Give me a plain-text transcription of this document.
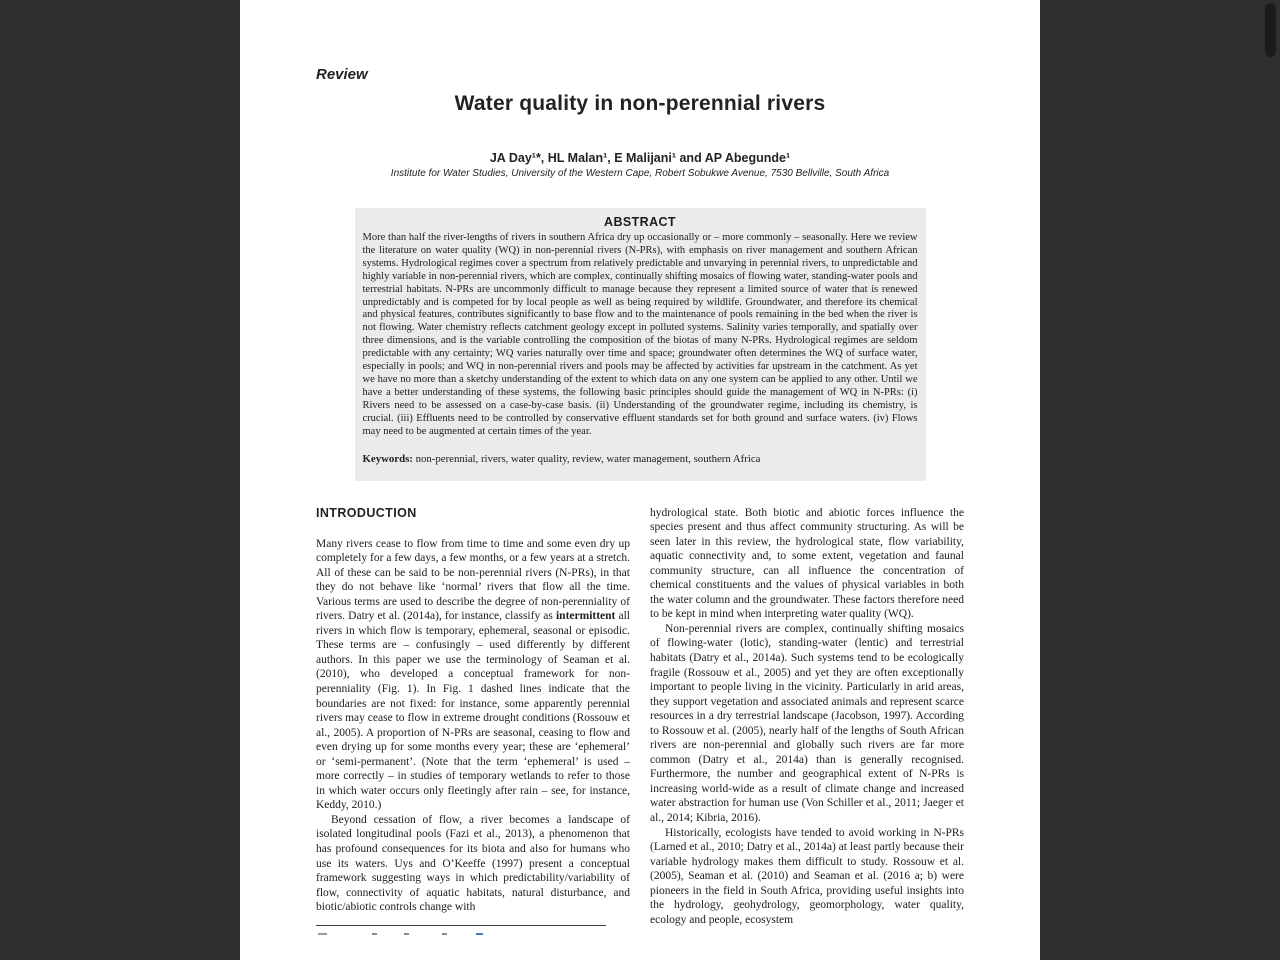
Review
Water quality in non-perennial rivers
JA Day¹*, HL Malan¹, E Malijani¹ and AP Abegunde¹
Institute for Water Studies, University of the Western Cape, Robert Sobukwe Avenue, 7530 Bellville, South Africa
ABSTRACT

More than half the river-lengths of rivers in southern Africa dry up occasionally or – more commonly – seasonally. Here we review the literature on water quality (WQ) in non-perennial rivers (N-PRs), with emphasis on river management and southern African systems. Hydrological regimes cover a spectrum from relatively predictable and unvarying in perennial rivers, to unpredictable and highly variable in non-perennial rivers, which are complex, continually shifting mosaics of flowing water, standing-water pools and terrestrial habitats. N-PRs are uncommonly difficult to manage because they represent a limited source of water that is renewed unpredictably and is competed for by local people as well as being required by wildlife. Groundwater, and therefore its chemical and physical features, contributes significantly to base flow and to the maintenance of pools remaining in the bed when the river is not flowing. Water chemistry reflects catchment geology except in polluted systems. Salinity varies temporally, and spatially over three dimensions, and is the variable controlling the composition of the biotas of many N-PRs. Hydrological regimes are seldom predictable with any certainty; WQ varies naturally over time and space; groundwater often determines the WQ of surface water, especially in pools; and WQ in non-perennial rivers and pools may be affected by activities far upstream in the catchment. As yet we have no more than a sketchy understanding of the extent to which data on any one system can be applied to any other. Until we have a better understanding of these systems, the following basic principles should guide the management of WQ in N-PRs: (i) Rivers need to be assessed on a case-by-case basis. (ii) Understanding of the groundwater regime, including its chemistry, is crucial. (iii) Effluents need to be controlled by conservative effluent standards set for both ground and surface waters. (iv) Flows may need to be augmented at certain times of the year.

Keywords: non-perennial, rivers, water quality, review, water management, southern Africa

INTRODUCTION

Many rivers cease to flow from time to time and some even dry up completely for a few days, a few months, or a few years at a stretch. All of these can be said to be non-perennial rivers (N-PRs), in that they do not behave like ‘normal’ rivers that flow all the time. Various terms are used to describe the degree of non-perenniality of rivers. Datry et al. (2014a), for instance, classify as intermittent all rivers in which flow is temporary, ephemeral, seasonal or episodic. These terms are – confusingly – used differently by different authors. In this paper we use the terminology of Seaman et al. (2010), who developed a conceptual framework for non-perenniality (Fig. 1). In Fig. 1 dashed lines indicate that the boundaries are not fixed: for instance, some apparently perennial rivers may cease to flow in extreme drought conditions (Rossouw et al., 2005). A proportion of N-PRs are seasonal, ceasing to flow and even drying up for some months every year; these are ‘ephemeral’ or ‘semi-permanent’. (Note that the term ‘ephemeral’ is used – more correctly – in studies of temporary wetlands to refer to those in which water occurs only fleetingly after rain – see, for instance, Keddy, 2010.)

Beyond cessation of flow, a river becomes a landscape of isolated longitudinal pools (Fazi et al., 2013), a phenomenon that has profound consequences for its biota and also for humans who use its waters. Uys and O’Keeffe (1997) present a conceptual framework suggesting ways in which predictability/variability of flow, connectivity of aquatic habitats, natural disturbance, and biotic/abiotic controls change with

hydrological state. Both biotic and abiotic forces influence the species present and thus affect community structuring. As will be seen later in this review, the hydrological state, flow variability, aquatic connectivity and, to some extent, vegetation and faunal community structure, can all influence the concentration of chemical constituents and the values of physical variables in both the water column and the groundwater. These factors therefore need to be kept in mind when interpreting water quality (WQ).

Non-perennial rivers are complex, continually shifting mosaics of flowing-water (lotic), standing-water (lentic) and terrestrial habitats (Datry et al., 2014a). Such systems tend to be ecologically fragile (Rossouw et al., 2005) and yet they are often exceptionally important to people living in the vicinity. Particularly in arid areas, they support vegetation and associated animals and represent scarce resources in a dry terrestrial landscape (Jacobson, 1997). According to Rossouw et al. (2005), nearly half of the lengths of South African rivers are non-perennial and globally such rivers are far more common (Datry et al., 2014a) than is generally recognised. Furthermore, the number and geographical extent of N-PRs is increasing world-wide as a result of climate change and increased water abstraction for human use (Von Schiller et al., 2011; Jaeger et al., 2014; Kibria, 2016).

Historically, ecologists have tended to avoid working in N-PRs (Larned et al., 2010; Datry et al., 2014a) at least partly because their variable hydrology makes them difficult to study. Rossouw et al. (2005), Seaman et al. (2010) and Seaman et al. (2016 a; b) were pioneers in the field in South Africa, providing useful insights into the hydrology, geohydrology, geomorphology, water quality, ecology and people, ecosystem
